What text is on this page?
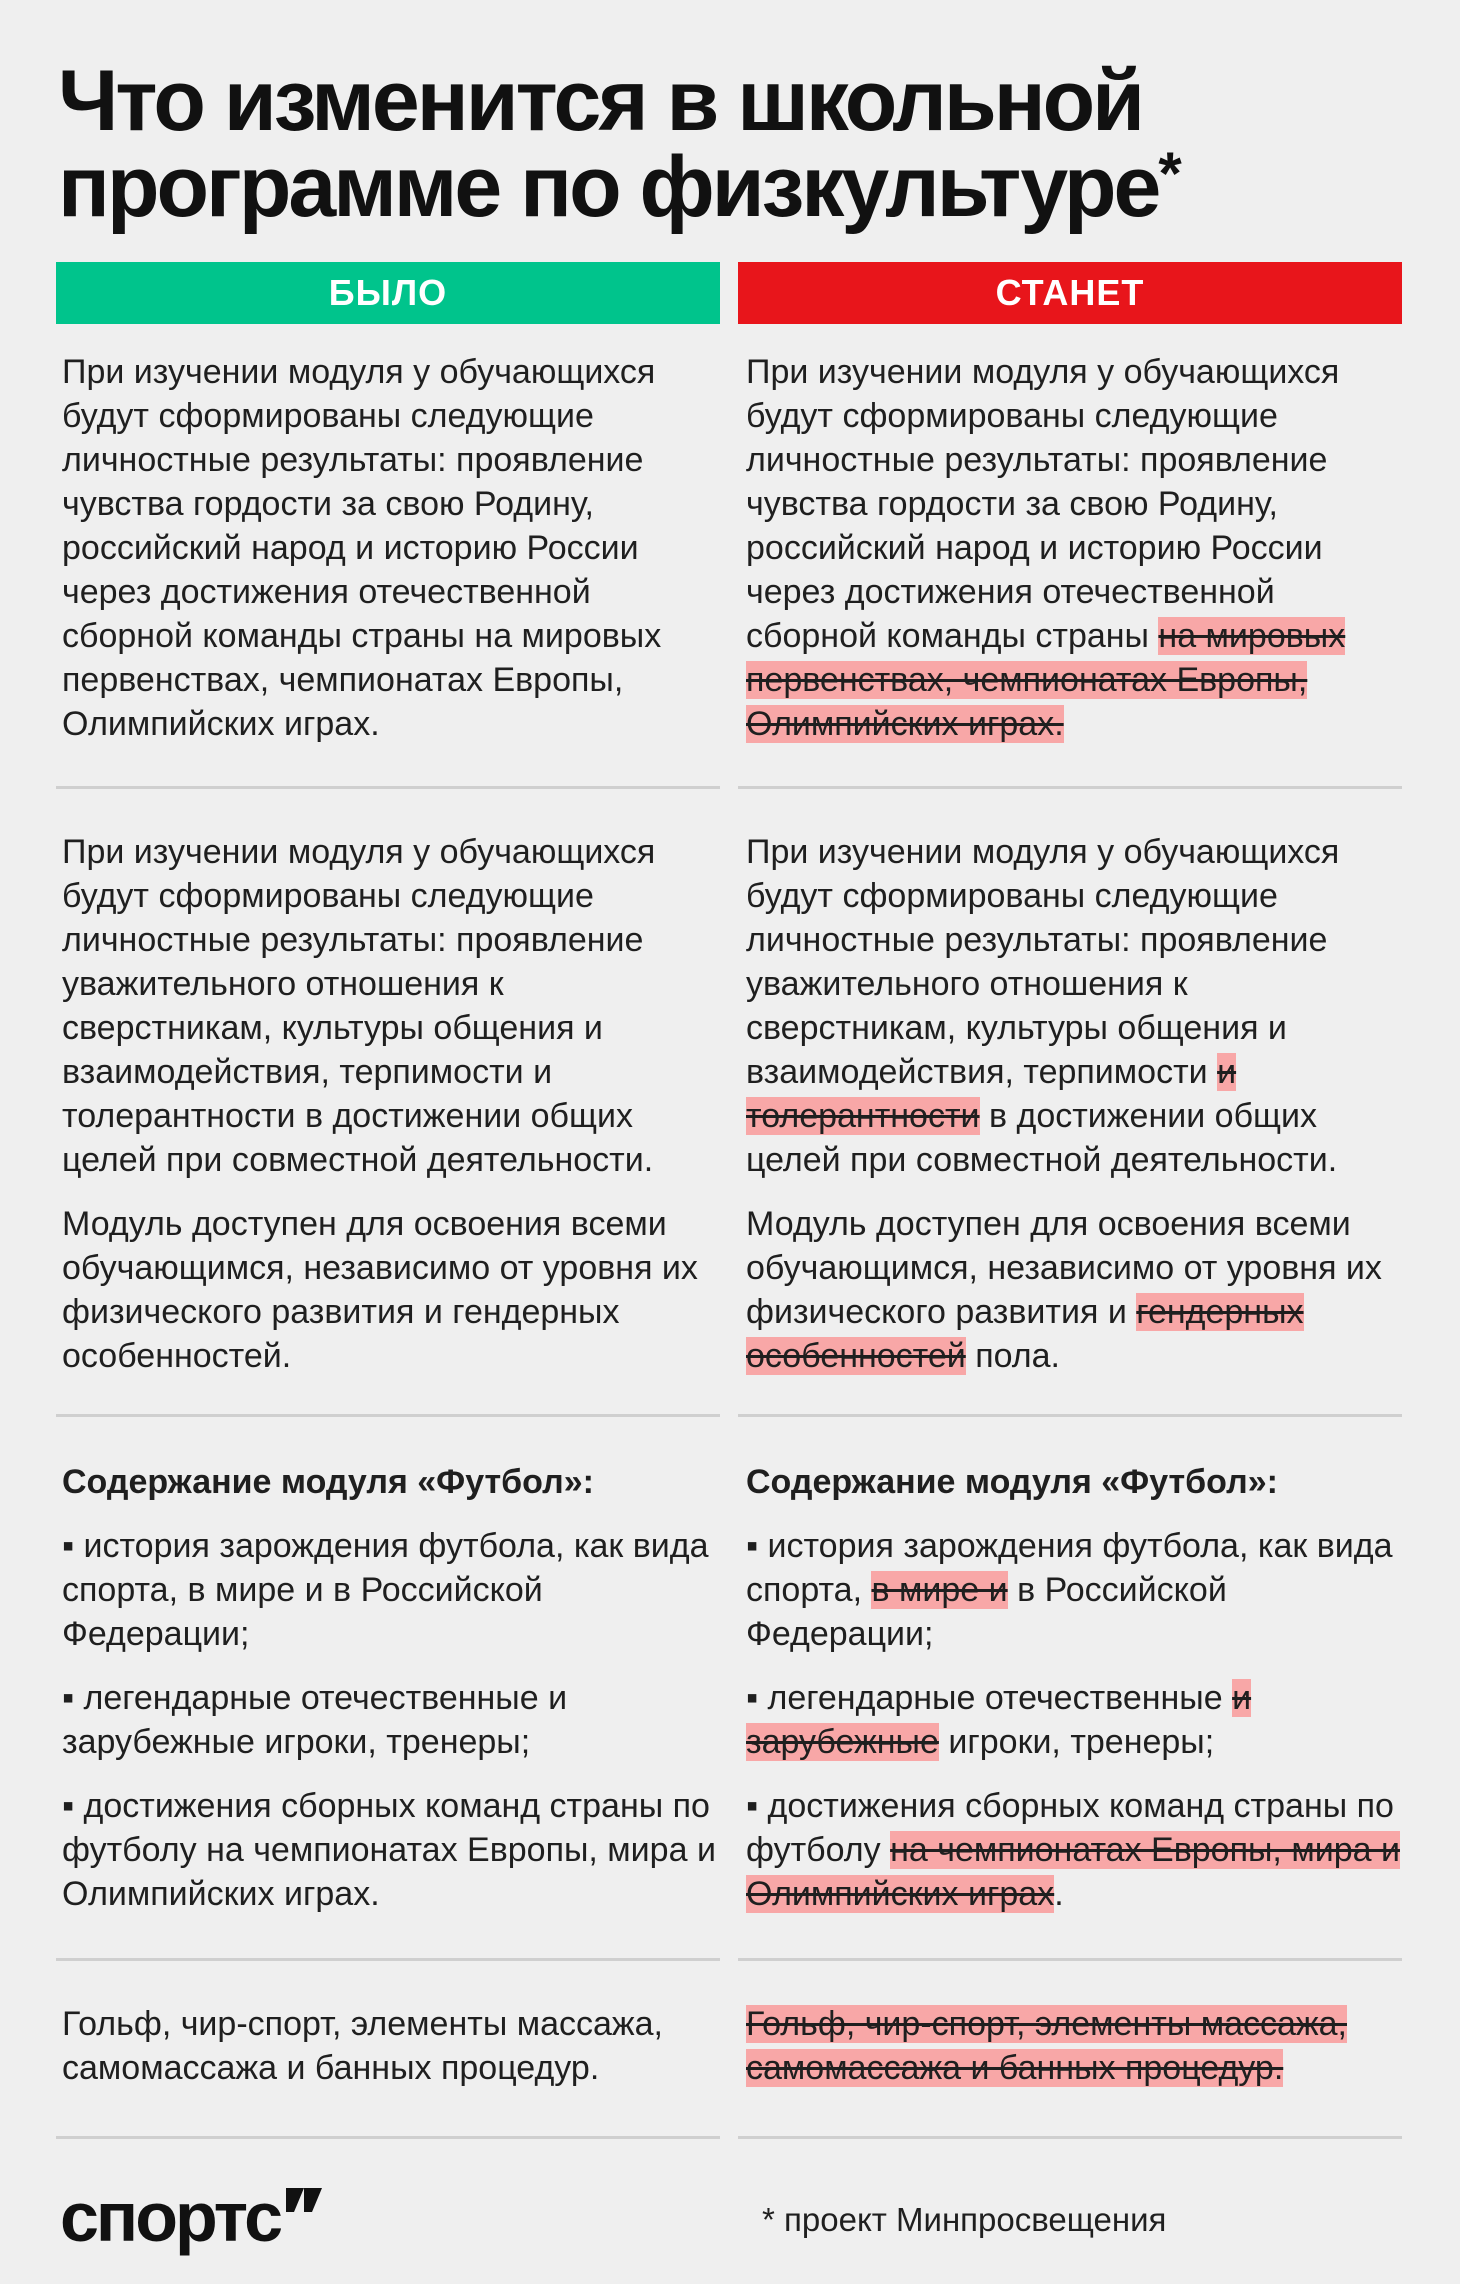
Что изменится в школьной
программе по физкультуре*
БЫЛО	СТАНЕТ

При изучении модуля у обучающихся будут сформированы следующие личностные результаты: проявление чувства гордости за свою Родину, российский народ и историю России через достижения отечественной сборной команды страны на мировых первенствах, чемпионатах Европы, Олимпийских играх.

При изучении модуля у обучающихся будут сформированы следующие личностные результаты: проявление чувства гордости за свою Родину, российский народ и историю России через достижения отечественной сборной команды страны на мировых первенствах, чемпионатах Европы, Олимпийских играх.

При изучении модуля у обучающихся будут сформированы следующие личностные результаты: проявление уважительного отношения к сверстникам, культуры общения и взаимодействия, терпимости и толерантности в достижении общих целей при совместной деятельности.

Модуль доступен для освоения всеми обучающимся, независимо от уровня их физического развития и гендерных особенностей.

При изучении модуля у обучающихся будут сформированы следующие личностные результаты: проявление уважительного отношения к сверстникам, культуры общения и взаимодействия, терпимости и толерантности в достижении общих целей при совместной деятельности.

Модуль доступен для освоения всеми обучающимся, независимо от уровня их физического развития и гендерных особенностей пола.

Содержание модуля «Футбол»:

▪ история зарождения футбола, как вида спорта, в мире и в Российской Федерации;

▪ легендарные отечественные и зарубежные игроки, тренеры;

▪ достижения сборных команд страны по футболу на чемпионатах Европы, мира и Олимпийских играх.

Содержание модуля «Футбол»:

▪ история зарождения футбола, как вида спорта, в мире и в Российской Федерации;

▪ легендарные отечественные и зарубежные игроки, тренеры;

▪ достижения сборных команд страны по футболу на чемпионатах Европы, мира и Олимпийских играх.

Гольф, чир-спорт, элементы массажа, самомассажа и банных процедур.

Гольф, чир-спорт, элементы массажа, самомассажа и банных процедур.

спортс	* проект Минпросвещения
